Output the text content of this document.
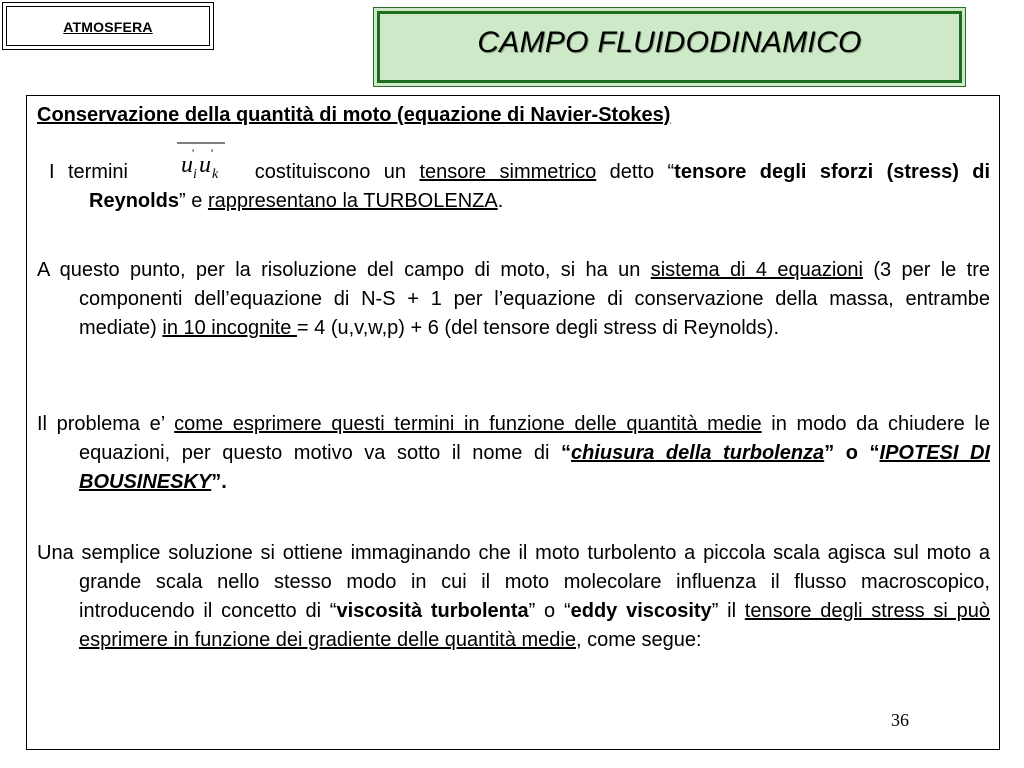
ATMOSFERA	CAMPO FLUIDODINAMICO
Conservazione della quantità di moto (equazione di Navier-Stokes)
I termini u '
i u '
k costituiscono un tensore simmetrico detto “tensore degli sforzi (stress) di Reynolds” e rappresentano la TURBOLENZA.
A questo punto, per la risoluzione del campo di moto, si ha un sistema di 4 equazioni (3 per le tre componenti dell’equazione di N-S + 1 per l’equazione di conservazione della massa, entrambe mediate) in 10 incognite = 4 (u,v,w,p) + 6 (del tensore degli stress di Reynolds).
Il problema e’ come esprimere questi termini in funzione delle quantità medie in modo da chiudere le equazioni, per questo motivo va sotto il nome di “chiusura della turbolenza” o “IPOTESI DI BOUSINESKY”.
Una semplice soluzione si ottiene immaginando che il moto turbolento a piccola scala agisca sul moto a grande scala nello stesso modo in cui il moto molecolare influenza il flusso macroscopico, introducendo il concetto di “viscosità turbolenta” o “eddy viscosity” il tensore degli stress si può esprimere in funzione dei gradiente delle quantità medie, come segue:
36
